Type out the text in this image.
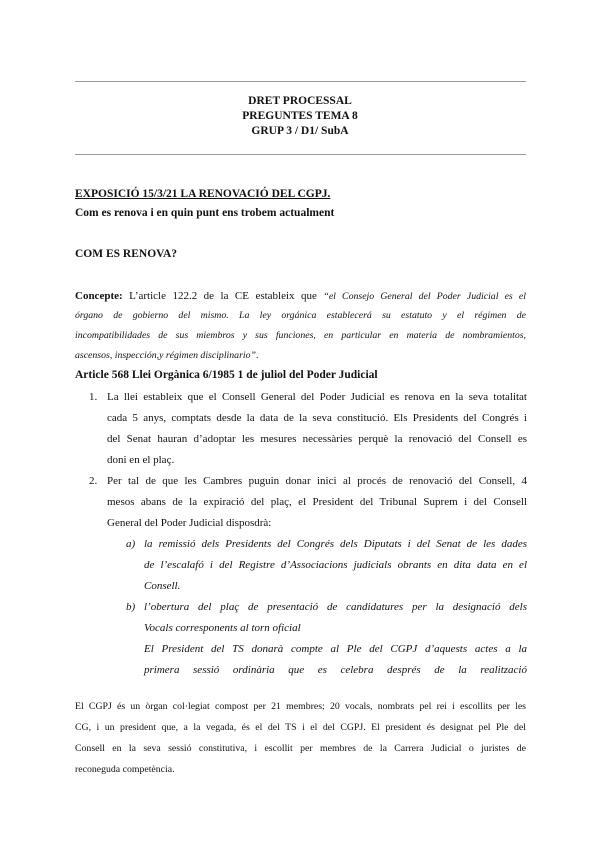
DRET PROCESSAL
PREGUNTES TEMA 8
GRUP 3 / D1/ SubA
EXPOSICIÓ 15/3/21 LA RENOVACIÓ DEL CGPJ.
Com es renova i en quin punt ens trobem actualment
COM ES RENOVA?
Concepte: L’article 122.2 de la CE estableix que “el Consejo General del Poder Judicial es el
órgano de gobierno del mismo. La ley orgánica establecerá su estatuto y el régimen de
incompatibilidades de sus miembros y sus funciones, en particular en materia de nombramientos,
ascensos, inspección,y régimen disciplinario”.
Article 568 Llei Orgànica 6/1985 1 de juliol del Poder Judicial
1. La llei estableix que el Consell General del Poder Judicial es renova en la seva totalitat
cada 5 anys, comptats desde la data de la seva constitució. Els Presidents del Congrés i
del Senat hauran d’adoptar les mesures necessàries perquè la renovació del Consell es
doni en el plaç.
2. Per tal de que les Cambres puguin donar inici al procés de renovació del Consell, 4
mesos abans de la expiració del plaç, el President del Tribunal Suprem i del Consell
General del Poder Judicial disposdrà:
a) la remissió dels Presidents del Congrés dels Diputats i del Senat de les dades
de l’escalafó i del Registre d’Associacions judicials obrants en dita data en el
Consell.
b) l’obertura del plaç de presentació de candidatures per la designació dels
Vocals corresponents al torn oficial
El President del TS donarà compte al Ple del CGPJ d’aquests actes a la
primera sessió ordinària que es celebra després de la realització
El CGPJ és un òrgan col·legiat compost per 21 membres; 20 vocals, nombrats pel rei i escollits per les
CG, i un president que, a la vegada, és el del TS i el del CGPJ. El president és designat pel Ple del
Consell en la seva sessió constitutiva, i escollit per membres de la Carrera Judicial o juristes de
reconeguda competència.
